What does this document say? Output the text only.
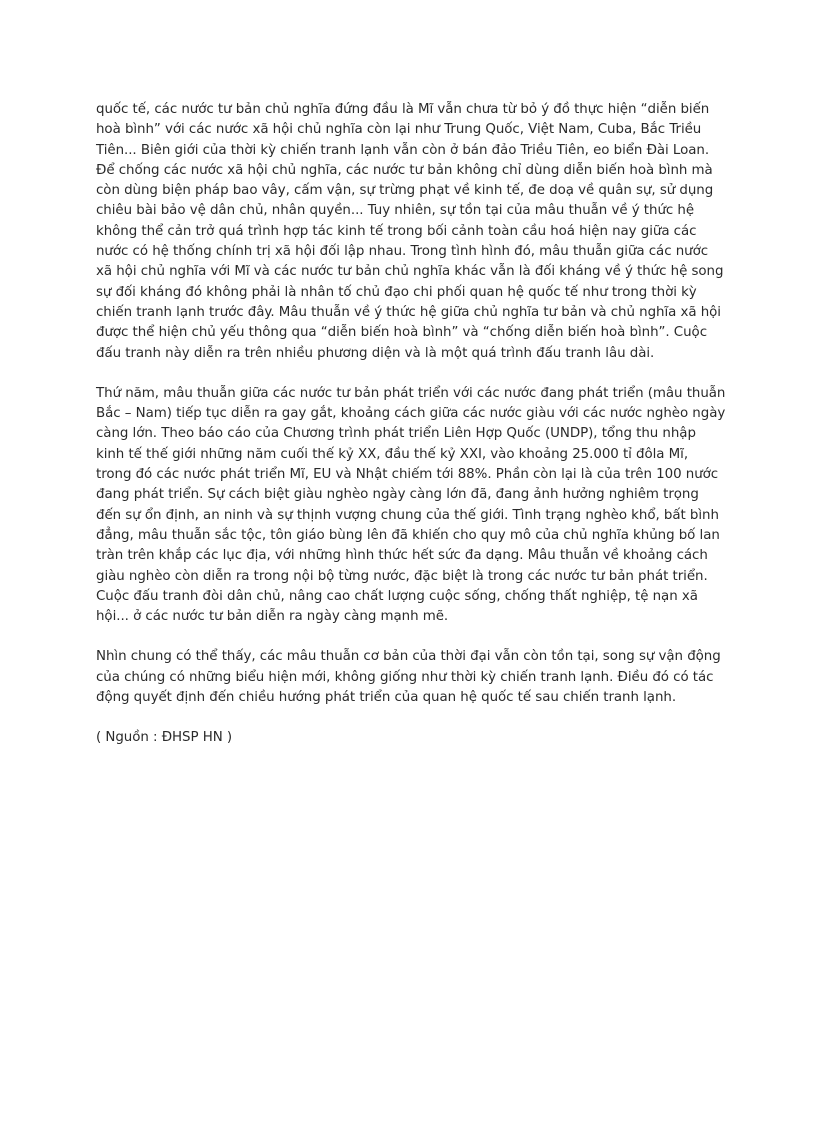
quốc tế, các nước tư bản chủ nghĩa đứng đầu là Mĩ vẫn chưa từ bỏ ý đồ thực hiện “diễn biến hoà bình” với các nước xã hội chủ nghĩa còn lại như Trung Quốc, Việt Nam, Cuba, Bắc Triều Tiên... Biên giới của thời kỳ chiến tranh lạnh vẫn còn ở bán đảo Triều Tiên, eo biển Đài Loan. Để chống các nước xã hội chủ nghĩa, các nước tư bản không chỉ dùng diễn biến hoà bình mà còn dùng biện pháp bao vây, cấm vận, sự trừng phạt về kinh tế, đe doạ về quân sự, sử dụng chiêu bài bảo vệ dân chủ, nhân quyền... Tuy nhiên, sự tồn tại của mâu thuẫn về ý thức hệ không thể cản trở quá trình hợp tác kinh tế trong bối cảnh toàn cầu hoá hiện nay giữa các nước có hệ thống chính trị xã hội đối lập nhau. Trong tình hình đó, mâu thuẫn giữa các nước xã hội chủ nghĩa với Mĩ và các nước tư bản chủ nghĩa khác vẫn là đối kháng về ý thức hệ song sự đối kháng đó không phải là nhân tố chủ đạo chi phối quan hệ quốc tế như trong thời kỳ chiến tranh lạnh trước đây. Mâu thuẫn về ý thức hệ giữa chủ nghĩa tư bản và chủ nghĩa xã hội được thể hiện chủ yếu thông qua “diễn biến hoà bình” và “chống diễn biến hoà bình”. Cuộc đấu tranh này diễn ra trên nhiều phương diện và là một quá trình đấu tranh lâu dài.

Thứ năm, mâu thuẫn giữa các nước tư bản phát triển với các nước đang phát triển (mâu thuẫn Bắc – Nam) tiếp tục diễn ra gay gắt, khoảng cách giữa các nước giàu với các nước nghèo ngày càng lớn. Theo báo cáo của Chương trình phát triển Liên Hợp Quốc (UNDP), tổng thu nhập kinh tế thế giới những năm cuối thế kỷ XX, đầu thế kỷ XXI, vào khoảng 25.000 tỉ đôla Mĩ, trong đó các nước phát triển Mĩ, EU và Nhật chiếm tới 88%. Phần còn lại là của trên 100 nước đang phát triển. Sự cách biệt giàu nghèo ngày càng lớn đã, đang ảnh hưởng nghiêm trọng đến sự ổn định, an ninh và sự thịnh vượng chung của thế giới. Tình trạng nghèo khổ, bất bình đẳng, mâu thuẫn sắc tộc, tôn giáo bùng lên đã khiến cho quy mô của chủ nghĩa khủng bố lan tràn trên khắp các lục địa, với những hình thức hết sức đa dạng. Mâu thuẫn về khoảng cách giàu nghèo còn diễn ra trong nội bộ từng nước, đặc biệt là trong các nước tư bản phát triển. Cuộc đấu tranh đòi dân chủ, nâng cao chất lượng cuộc sống, chống thất nghiệp, tệ nạn xã hội... ở các nước tư bản diễn ra ngày càng mạnh mẽ.

Nhìn chung có thể thấy, các mâu thuẫn cơ bản của thời đại vẫn còn tồn tại, song sự vận động của chúng có những biểu hiện mới, không giống như thời kỳ chiến tranh lạnh. Điều đó có tác động quyết định đến chiều hướng phát triển của quan hệ quốc tế sau chiến tranh lạnh.

( Nguồn : ĐHSP HN )
